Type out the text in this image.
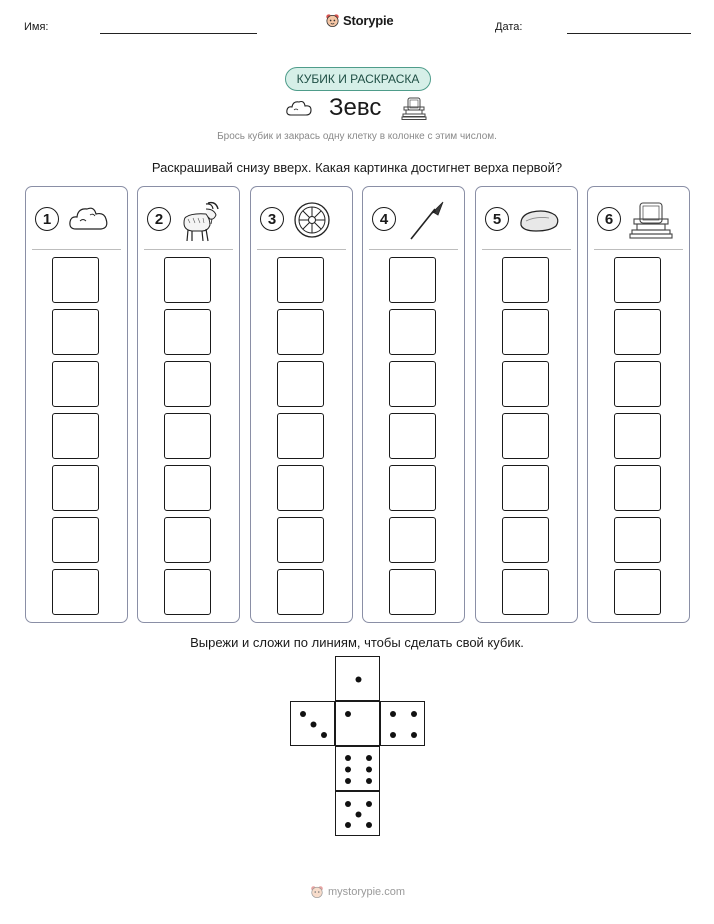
Имя:	Storypie	Дата:
КУБИК И РАСКРАСКА
Зевс
Брось кубик и закрась одну клетку в колонке с этим числом.
Раскрашивай снизу вверх. Какая картинка достигнет верха первой?
1	2	3	4	5	6
Вырежи и сложи по линиям, чтобы сделать свой кубик.
mystorypie.com
